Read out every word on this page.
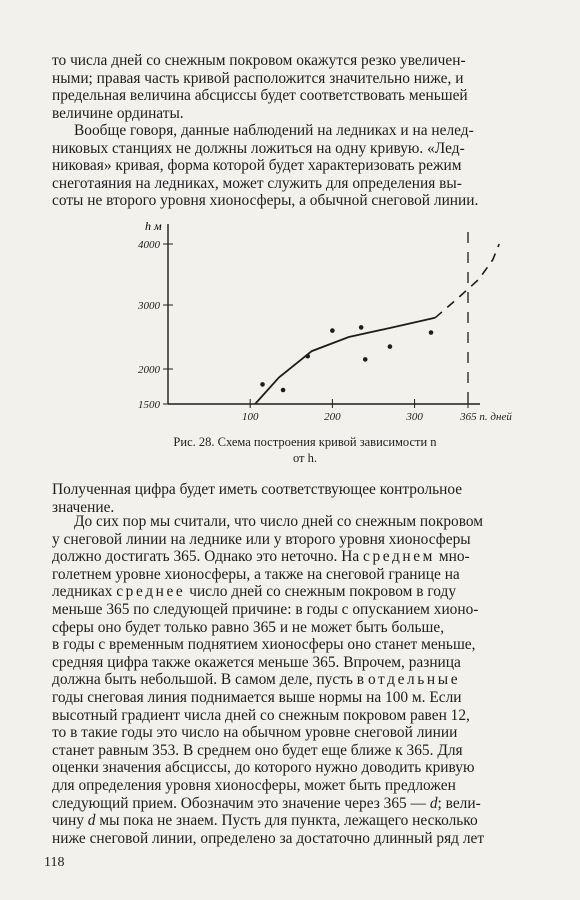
то числа дней со снежным покровом окажутся резко увеличен-
ными; правая часть кривой расположится значительно ниже, и
предельная величина абсциссы будет соответствовать меньшей
величине ординаты.

Вообще говоря, данные наблюдений на ледниках и на нелед-
никовых станциях не должны ложиться на одну кривую. «Лед-
никовая» кривая, форма которой будет характеризовать режим
снеготаяния на ледниках, может служить для определения вы-
соты не второго уровня хионосферы, а обычной снеговой линии.

1500
2000
3000
4000
100	200	300	365 n. дней
h м
Рис. 28. Схема построения кривой зависимости n
от h.

Полученная цифра будет иметь соответствующее контрольное
значение.

До сих пор мы считали, что число дней со снежным покровом
у снеговой линии на леднике или у второго уровня хионосферы
должно достигать 365. Однако это неточно. На среднем мно-
голетнем уровне хионосферы, а также на снеговой границе на
ледниках среднее число дней со снежным покровом в году
меньше 365 по следующей причине: в годы с опусканием хионо-
сферы оно будет только равно 365 и не может быть больше,
в годы с временным поднятием хионосферы оно станет меньше,
средняя цифра также окажется меньше 365. Впрочем, разница
должна быть небольшой. В самом деле, пусть в отдельные
годы снеговая линия поднимается выше нормы на 100 м. Если
высотный градиент числа дней со снежным покровом равен 12,
то в такие годы это число на обычном уровне снеговой линии
станет равным 353. В среднем оно будет еще ближе к 365. Для
оценки значения абсциссы, до которого нужно доводить кривую
для определения уровня хионосферы, может быть предложен
следующий прием. Обозначим это значение через 365 — d; вели-
чину d мы пока не знаем. Пусть для пункта, лежащего несколько
ниже снеговой линии, определено за достаточно длинный ряд лет

118
